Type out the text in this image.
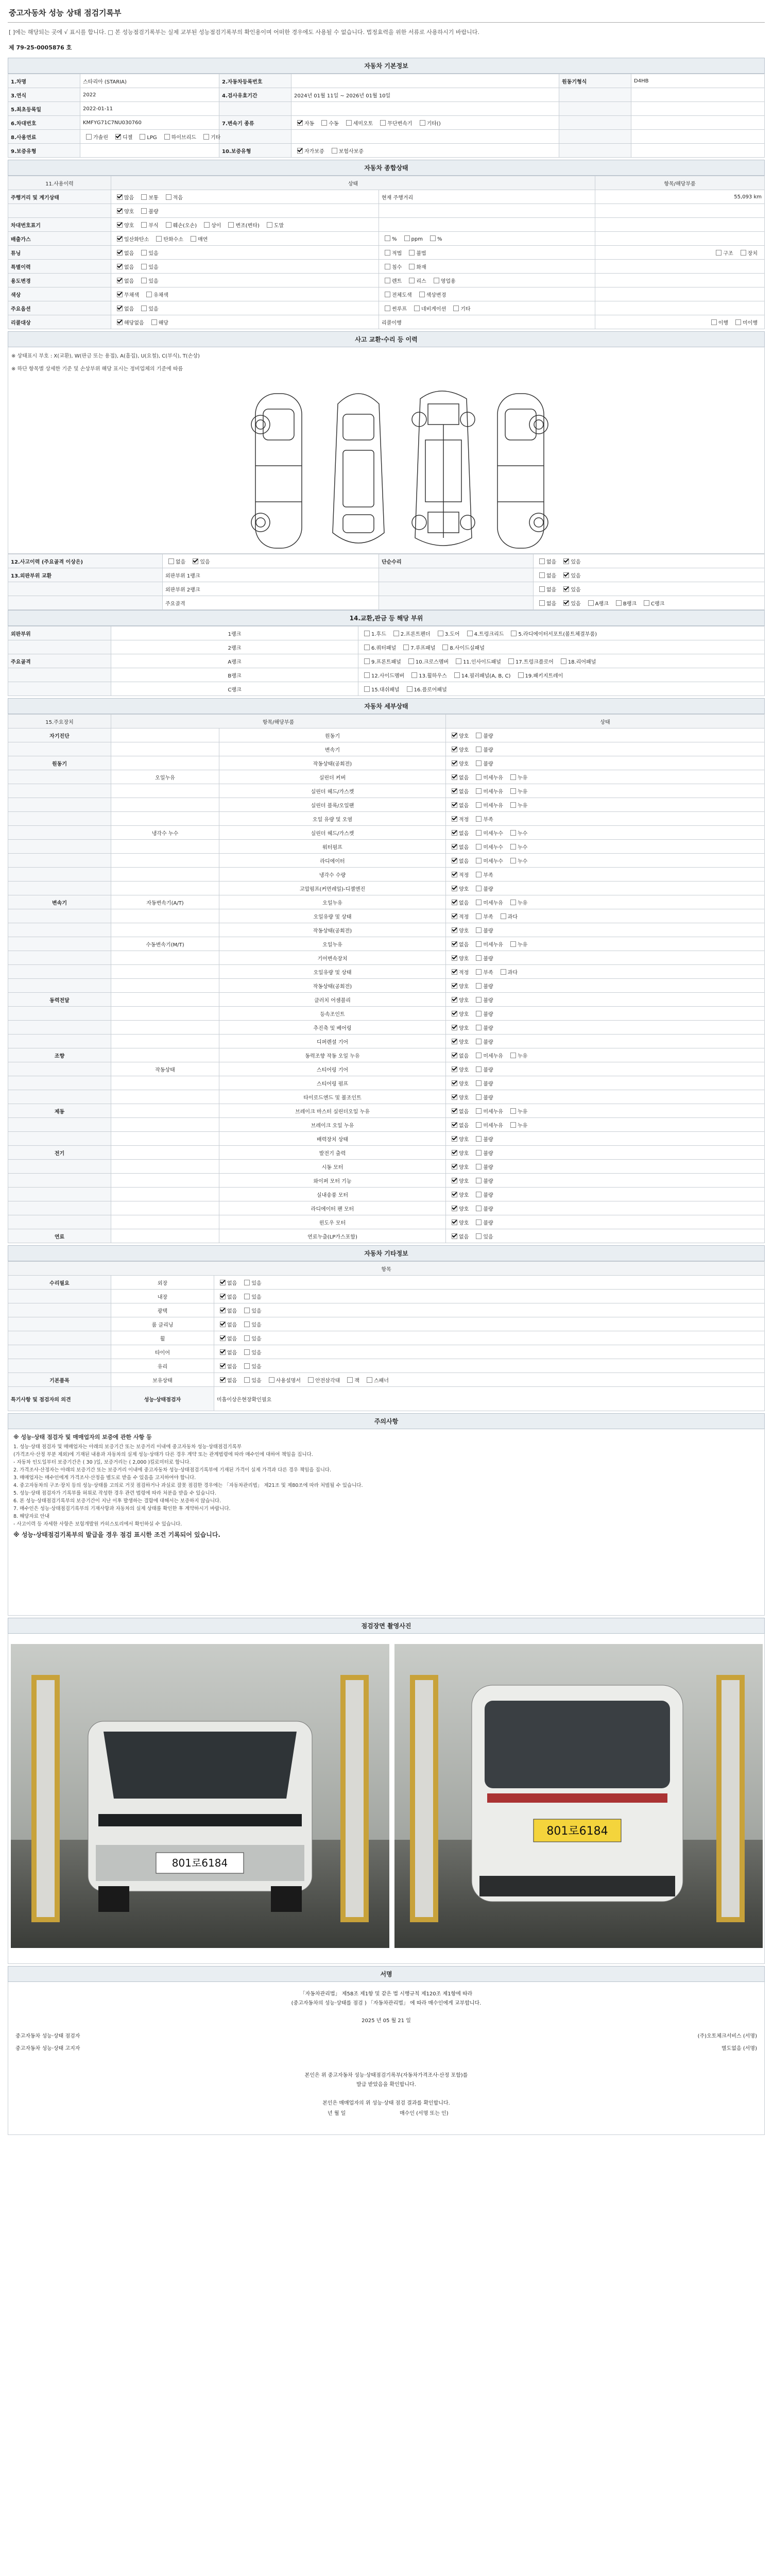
중고자동차 성능 상태 점검기록부
[ ]에는 해당되는 곳에 √ 표시를 합니다. □ 본 성능점검기록부는 실제 교부된 성능점검기록부의 확인용이며 어떠한 경우에도 사용될 수 없습니다. 법정효력을 위한 서류로 사용하시기 바랍니다.
제 79-25-0005876 호
자동차 기본정보
1.차명	스타리아 (STARIA)	2.자동차등록번호		원동기형식	D4HB
3.연식	2022	4.검사유효기간	2024년 01월 11일 ~ 2026년 01월 10일		
5.최초등록일	2022-01-11				
6.차대번호	KMFYG71C7NU030760	7.변속기 종류	자동 수동 세미오토 무단변속기 기타()		
8.사용연료	가솔린 디젤 LPG 하이브리드 기타				
9.보증유형		10.보증유형	자가보증 보험사보증		
자동차 종합상태
11.사용이력	상태		항목/해당부품
주행거리 및 계기상태	많음 보통 적음	현재 주행거리	55,093 km
	양호 불량		
차대번호표기	양호 부식 훼손(오손) 상이 변조(변타) 도말		
배출가스	일산화탄소 탄화수소 매연	% ppm %	
튜닝	없음 있음	적법 불법	구조 장치
특별이력	없음 있음	침수 화재	
용도변경	없음 있음	렌트 리스 영업용	
색상	무채색 유채색	전체도색 색상변경	
주요옵션	없음 있음	썬루프 네비게이션 기타	
리콜대상	해당없음 해당	리콜이행	이행 미이행
사고 교환·수리 등 이력
※ 상태표시 부호 : X(교환), W(판금 또는 용접), A(흠집), U(요철), C(부식), T(손상)
※ 하단 항목별 상세한 기준 및 손상부위 해당 표시는 정비업체의 기준에 따름
12.사고이력 (주요골격 이상은)	없음 있음	단순수리	없음 있음
13.외판부위 교환	외판부위 1랭크		없음 있음
	외판부위 2랭크		없음 있음
	주요골격		없음 있음 A랭크 B랭크 C랭크
14.교환,판금 등 해당 부위
외판부위	1랭크	1.후드 2.프론트펜더 3.도어 4.트렁크리드 5.라디에이터서포트(볼트체결부품)
	2랭크	6.쿼터패널 7.루프패널 8.사이드실패널
주요골격	A랭크	9.프론트패널 10.크로스멤버 11.인사이드패널 17.트렁크플로어 18.리어패널
	B랭크	12.사이드멤버 13.휠하우스 14.필러패널(A, B, C) 19.패키지트레이
	C랭크	15.대쉬패널 16.플로어패널
자동차 세부상태
15.주요장치	항목/해당부품		상태
자기진단		원동기	양호 불량
		변속기	양호 불량
원동기		작동상태(공회전)	양호 불량
	오일누유	실린더 커버	없음 미세누유 누유
		실린더 헤드/가스켓	없음 미세누유 누유
		실린더 블록/오일팬	없음 미세누유 누유
		오일 유량 및 오염	적정 부족
	냉각수 누수	실린더 헤드/가스켓	없음 미세누수 누수
		워터펌프	없음 미세누수 누수
		라디에이터	없음 미세누수 누수
		냉각수 수량	적정 부족
		고압펌프(커먼레일)-디젤엔진	양호 불량
변속기	자동변속기(A/T)	오일누유	없음 미세누유 누유
		오일유량 및 상태	적정 부족 과다
		작동상태(공회전)	양호 불량
	수동변속기(M/T)	오일누유	없음 미세누유 누유
		기어변속장치	양호 불량
		오일유량 및 상태	적정 부족 과다
		작동상태(공회전)	양호 불량
동력전달		클러치 어셈블리	양호 불량
		등속조인트	양호 불량
		추진축 및 베어링	양호 불량
		디퍼렌셜 기어	양호 불량
조향		동력조향 작동 오일 누유	없음 미세누유 누유
	작동상태	스티어링 기어	양호 불량
		스티어링 펌프	양호 불량
		타이로드엔드 및 볼조인트	양호 불량
제동		브레이크 마스터 실린더오일 누유	없음 미세누유 누유
		브레이크 오일 누유	없음 미세누유 누유
		배력장치 상태	양호 불량
전기		발전기 출력	양호 불량
		시동 모터	양호 불량
		와이퍼 모터 기능	양호 불량
		실내송풍 모터	양호 불량
		라디에이터 팬 모터	양호 불량
		윈도우 모터	양호 불량
연료		연료누출(LP가스포함)	없음 있음
자동차 기타정보
항목		
수리필요	외장	없음 있음
	내장	없음 있음
	광택	없음 있음
	룸 클리닝	없음 있음
	휠	없음 있음
	타이어	없음 있음
	유리	없음 있음
기본품목	보유상태	없음 있음 사용설명서 안전삼각대 잭 스패너
특기사항 및 점검자의 의견	성능·상태점검자	미흡이상은현장확인필요
주의사항
※ 성능·상태 점검자 및 매매업자의 보증에 관한 사항 등
1. 성능·상태 점검자 및 매매업자는 아래의 보증기간 또는 보증거리 이내에 중고자동차 성능·상태점검기록부
(가격조사·산정 부분 제외)에 기재된 내용과 자동차의 실제 성능·상태가 다른 경우 계약 또는 관계법령에 따라 매수인에 대하여 책임을 집니다.
- 자동차 인도일부터 보증기간은 ( 30 )일, 보증거리는 ( 2,000 )킬로미터로 합니다.
2. 가격조사·산정자는 아래의 보증기간 또는 보증거리 이내에 중고자동차 성능·상태점검기록부에 기재된 가격이 실제 가격과 다른 경우 책임을 집니다.
3. 매매업자는 매수인에게 가격조사·산정을 별도로 받을 수 있음을 고지하여야 합니다.
4. 중고자동차의 구조·장치 등의 성능·상태를 고의로 거짓 점검하거나 과실로 잘못 점검한 경우에는 「자동차관리법」 제21조 및 제80조에 따라 처벌될 수 있습니다.
5. 성능·상태 점검자가 기록부를 허위로 작성한 경우 관련 법령에 따라 처분을 받을 수 있습니다.
6. 본 성능·상태점검기록부의 보증기간이 지난 이후 발생하는 결함에 대해서는 보증하지 않습니다.
7. 매수인은 성능·상태점검기록부의 기재사항과 자동차의 실제 상태를 확인한 후 계약하시기 바랍니다.
8. 해당자료 안내
- 사고이력 등 자세한 사항은 보험개발원 카히스토리에서 확인하실 수 있습니다.
※ 성능·상태점검기록부의 발급을 경우 점검 표시한 조건 기록되어 있습니다.
점검장면 촬영사진
801로6184
801로6184
서명
「자동차관리법」 제58조 제1항 및 같은 법 시행규칙 제120조 제1항에 따라
(중고자동차의 성능·상태를 점검 ) 「자동차관리법」 에 따라 매수인에게 교부합니다.
2025 년 05 월 21 일
중고자동차 성능·상태 점검자	(주)오토체크서비스 (서명)
중고자동차 성능·상태 고지자	별도없음 (서명)
본인은 위 중고자동차 성능·상태점검기록부(자동차가격조사·산정 포함)를
발급 받았음을 확인합니다.
본인은 매매업자의 위 성능·상태 점검 결과를 확인합니다.
년 월 일	매수인 (서명 또는 인)
